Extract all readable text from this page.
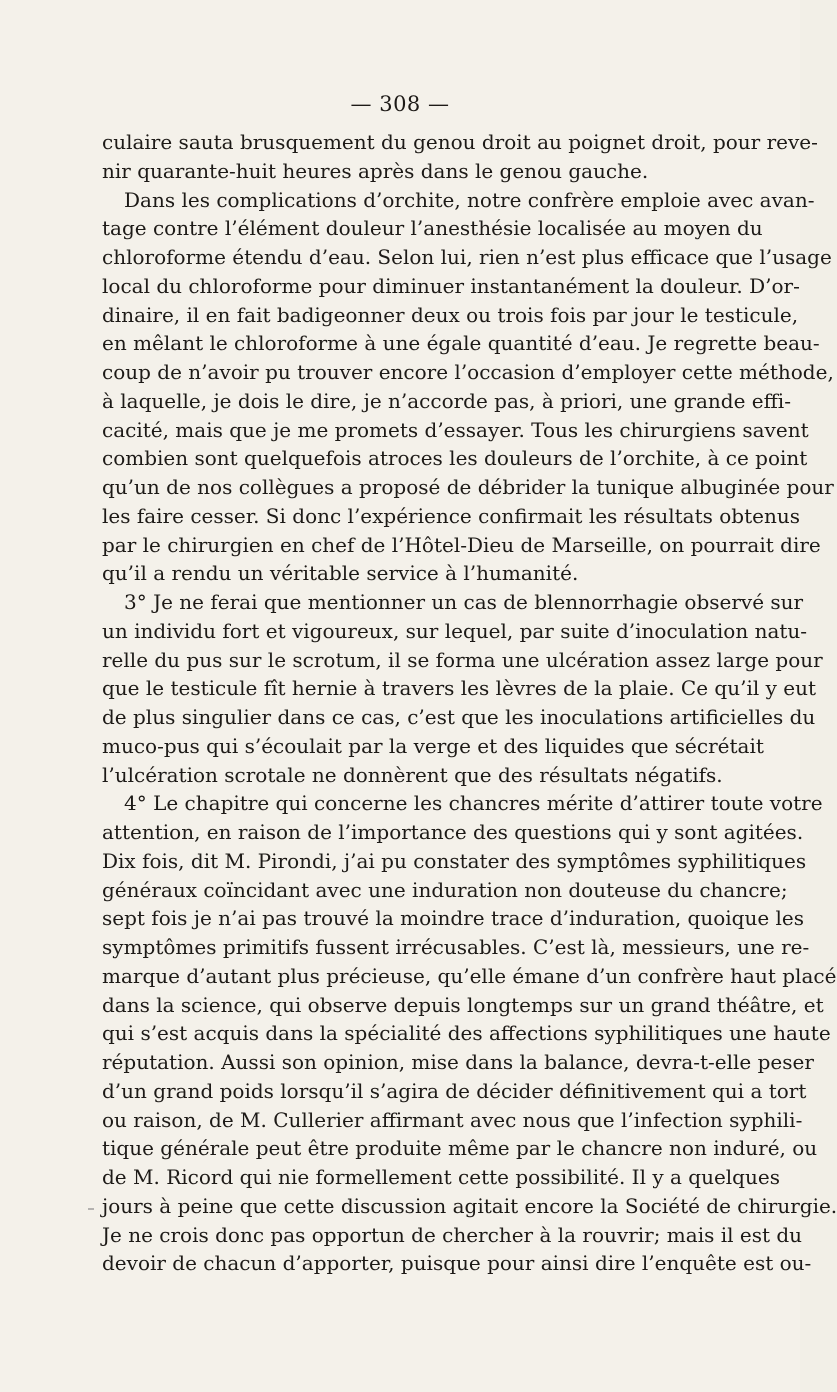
— 308 —
culaire sauta brusquement du genou droit au poignet droit, pour reve-
nir quarante-huit heures après dans le genou gauche.
Dans les complications d’orchite, notre confrère emploie avec avan-
tage contre l’élément douleur l’anesthésie localisée au moyen du
chloroforme étendu d’eau. Selon lui, rien n’est plus efficace que l’usage
local du chloroforme pour diminuer instantanément la douleur. D’or-
dinaire, il en fait badigeonner deux ou trois fois par jour le testicule,
en mêlant le chloroforme à une égale quantité d’eau. Je regrette beau-
coup de n’avoir pu trouver encore l’occasion d’employer cette méthode,
à laquelle, je dois le dire, je n’accorde pas, à priori, une grande effi-
cacité, mais que je me promets d’essayer. Tous les chirurgiens savent
combien sont quelquefois atroces les douleurs de l’orchite, à ce point
qu’un de nos collègues a proposé de débrider la tunique albuginée pour
les faire cesser. Si donc l’expérience confirmait les résultats obtenus
par le chirurgien en chef de l’Hôtel-Dieu de Marseille, on pourrait dire
qu’il a rendu un véritable service à l’humanité.
3° Je ne ferai que mentionner un cas de blennorrhagie observé sur
un individu fort et vigoureux, sur lequel, par suite d’inoculation natu-
relle du pus sur le scrotum, il se forma une ulcération assez large pour
que le testicule fît hernie à travers les lèvres de la plaie. Ce qu’il y eut
de plus singulier dans ce cas, c’est que les inoculations artificielles du
muco-pus qui s’écoulait par la verge et des liquides que sécrétait
l’ulcération scrotale ne donnèrent que des résultats négatifs.
4° Le chapitre qui concerne les chancres mérite d’attirer toute votre
attention, en raison de l’importance des questions qui y sont agitées.
Dix fois, dit M. Pirondi, j’ai pu constater des symptômes syphilitiques
généraux coïncidant avec une induration non douteuse du chancre;
sept fois je n’ai pas trouvé la moindre trace d’induration, quoique les
symptômes primitifs fussent irrécusables. C’est là, messieurs, une re-
marque d’autant plus précieuse, qu’elle émane d’un confrère haut placé
dans la science, qui observe depuis longtemps sur un grand théâtre, et
qui s’est acquis dans la spécialité des affections syphilitiques une haute
réputation. Aussi son opinion, mise dans la balance, devra-t-elle peser
d’un grand poids lorsqu’il s’agira de décider définitivement qui a tort
ou raison, de M. Cullerier affirmant avec nous que l’infection syphili-
tique générale peut être produite même par le chancre non induré, ou
de M. Ricord qui nie formellement cette possibilité. Il y a quelques
jours à peine que cette discussion agitait encore la Société de chirurgie.
Je ne crois donc pas opportun de chercher à la rouvrir; mais il est du
devoir de chacun d’apporter, puisque pour ainsi dire l’enquête est ou-
